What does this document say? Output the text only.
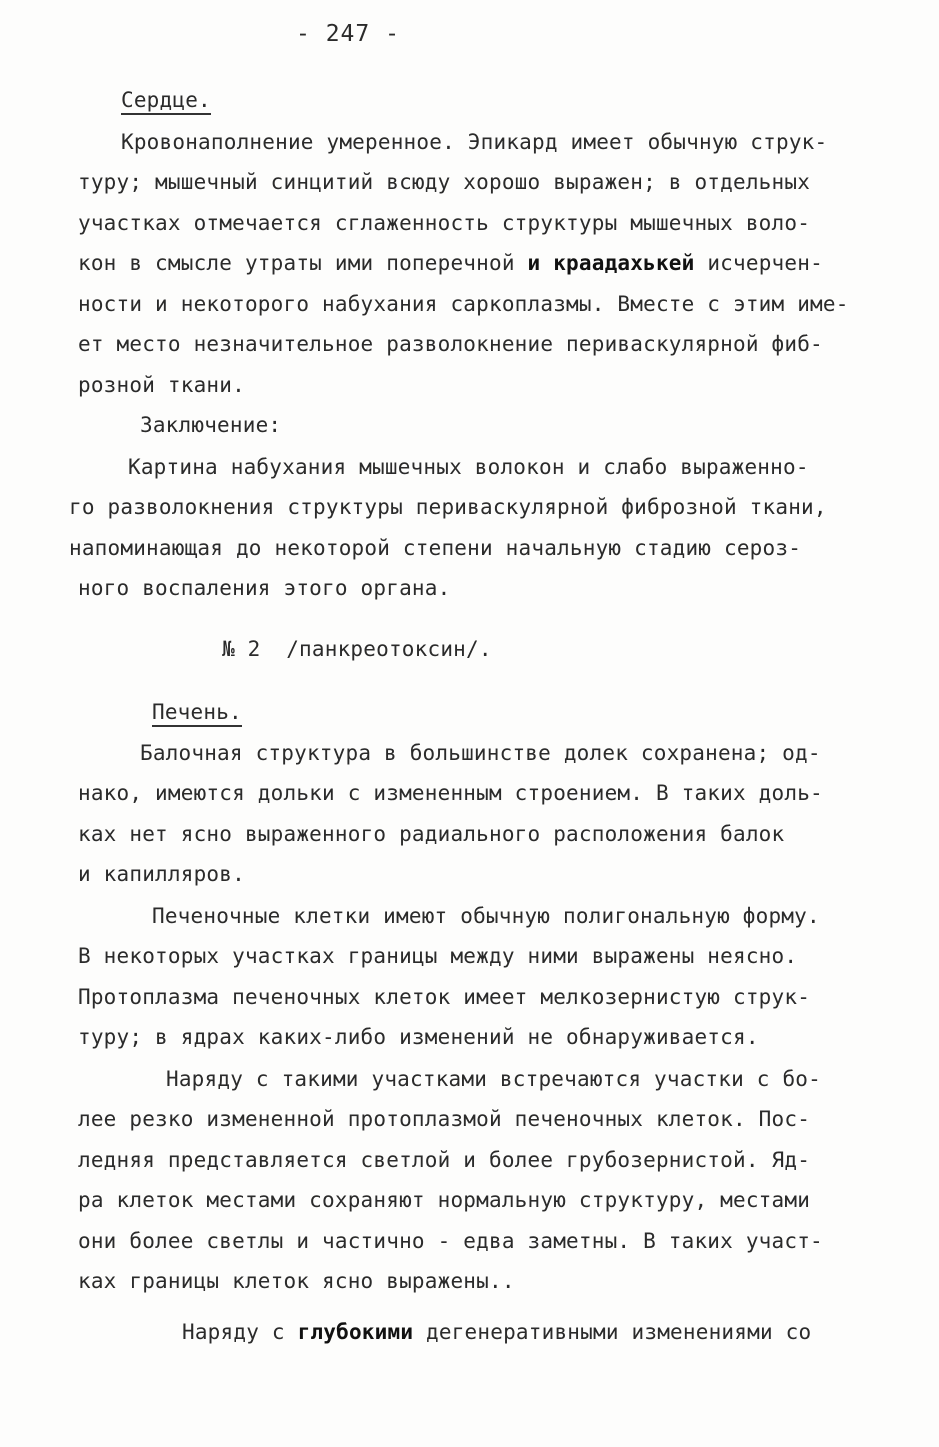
- 247 -
Сердце.
Кровонаполнение умеренное. Эпикард имеет обычную струк-
туру; мышечный синцитий всюду хорошо выражен; в отдельных
участках отмечается сглаженность структуры мышечных воло-
кон в смысле утраты ими поперечной и краадахькей исчерчен-
ности и некоторого набухания саркоплазмы. Вместе с этим име-
ет место незначительное разволокнение периваскулярной фиб-
розной ткани.
Заключение:
Картина набухания мышечных волокон и слабо выраженно-
го разволокнения структуры периваскулярной фиброзной ткани,
напоминающая до некоторой степени начальную стадию сероз-
ного воспаления этого органа.
№ 2  /панкреотоксин/.
Печень.
Балочная структура в большинстве долек сохранена; од-
нако, имеются дольки с измененным строением. В таких доль-
ках нет ясно выраженного радиального расположения балок
и капилляров.
Печеночные клетки имеют обычную полигональную форму.
В некоторых участках границы между ними выражены неясно.
Протоплазма печеночных клеток имеет мелкозернистую струк-
туру; в ядрах каких-либо изменений не обнаруживается.
Наряду с такими участками встречаются участки с бо-
лее резко измененной протоплазмой печеночных клеток. Пос-
ледняя представляется светлой и более грубозернистой. Яд-
ра клеток местами сохраняют нормальную структуру, местами
они более светлы и частично - едва заметны. В таких участ-
ках границы клеток ясно выражены..
Наряду с глубокими дегенеративными изменениями со
